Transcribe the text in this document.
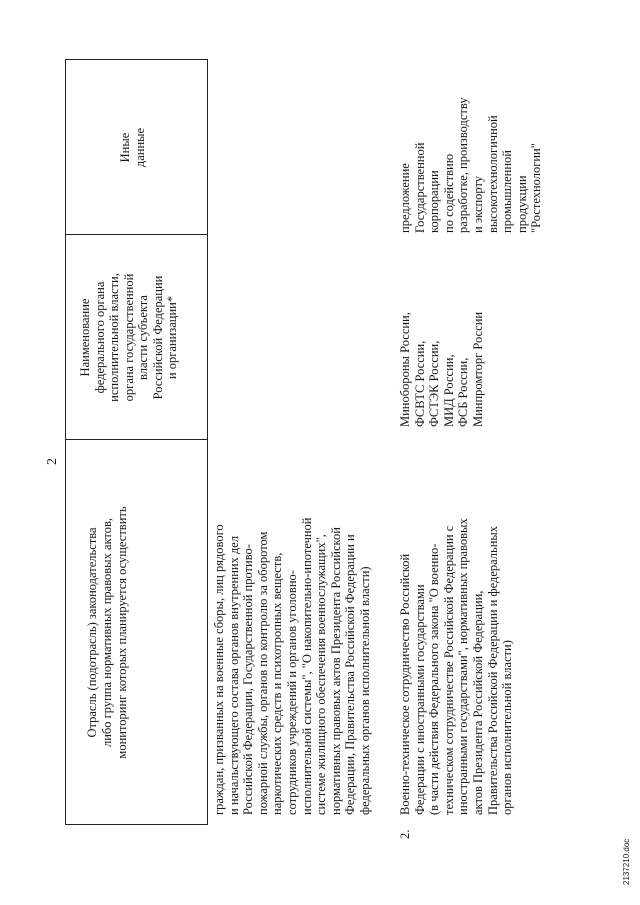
2
Отрасль (подотрасль) законодательства либо группа нормативных правовых актов, мониторинг которых планируется осуществить
Наименование федерального органа исполнительной власти, органа государственной власти субъекта Российской Федерации и организации*
Иные данные
граждан, призванных на военные сборы, лиц рядового и начальствующего состава органов внутренних дел Российской Федерации, Государственной противо- пожарной службы, органов по контролю за оборотом наркотических средств и психотропных веществ, сотрудников учреждений и органов уголовно- исполнительной системы", "О накопительно-ипотечной системе жилищного обеспечения военнослужащих", нормативных правовых актов Президента Российской Федерации, Правительства Российской Федерации и федеральных органов исполнительной власти)
2.
Военно-техническое сотрудничество Российской Федерации с иностранными государствами (в части действия Федерального закона "О военно- техническом сотрудничестве Российской Федерации с иностранными государствами", нормативных правовых актов Президента Российской Федерации, Правительства Российской Федерации и федеральных органов исполнительной власти)
Минобороны России, ФСВТС России, ФСТЭК России, МИД России, ФСБ России, Минпромторг России
предложение Государственной корпорации по содействию разработке, производству и экспорту высокотехнологичной промышленной продукции "Ростехнологии"
2137210.doc
